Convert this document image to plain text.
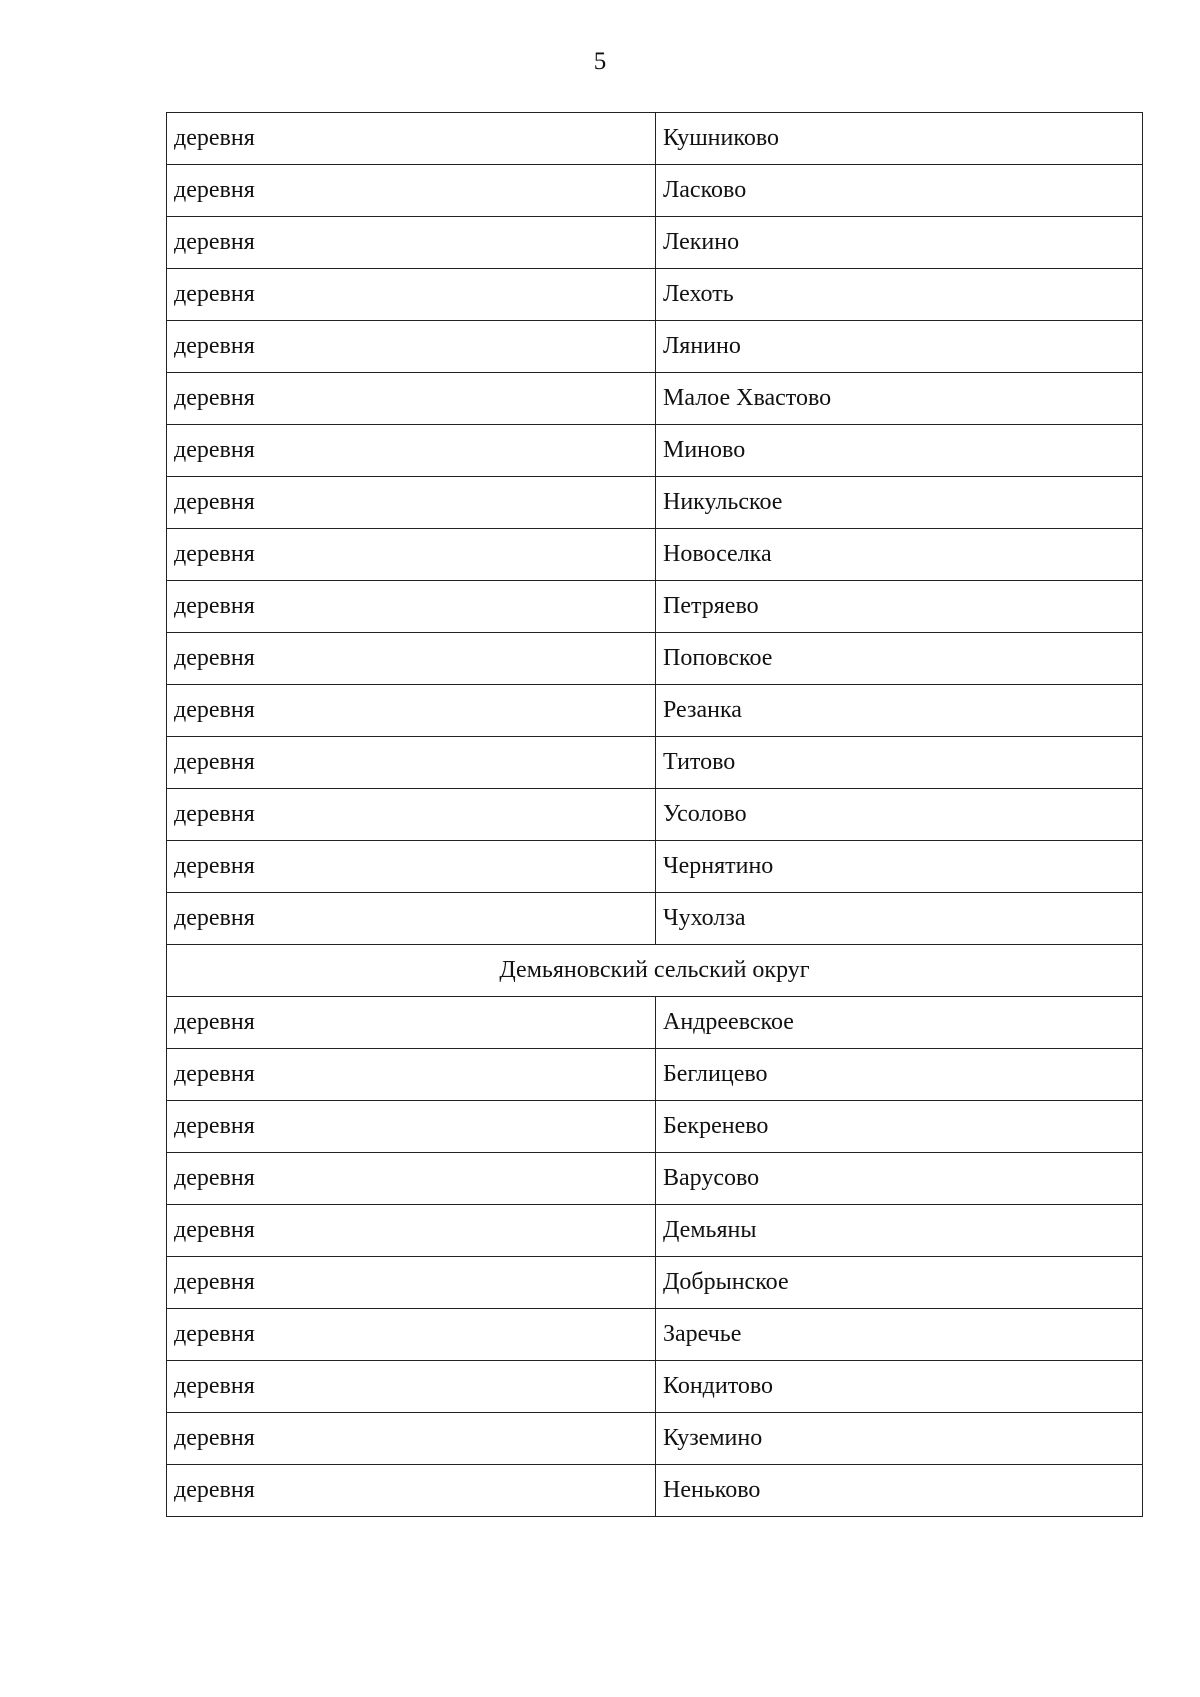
5
деревня	Кушниково
деревня	Ласково
деревня	Лекино
деревня	Лехоть
деревня	Лянино
деревня	Малое Хвастово
деревня	Миново
деревня	Никульское
деревня	Новоселка
деревня	Петряево
деревня	Поповское
деревня	Резанка
деревня	Титово
деревня	Усолово
деревня	Чернятино
деревня	Чухолза
Демьяновский сельский округ	
деревня	Андреевское
деревня	Беглицево
деревня	Бекренево
деревня	Варусово
деревня	Демьяны
деревня	Добрынское
деревня	Заречье
деревня	Кондитово
деревня	Куземино
деревня	Неньково
